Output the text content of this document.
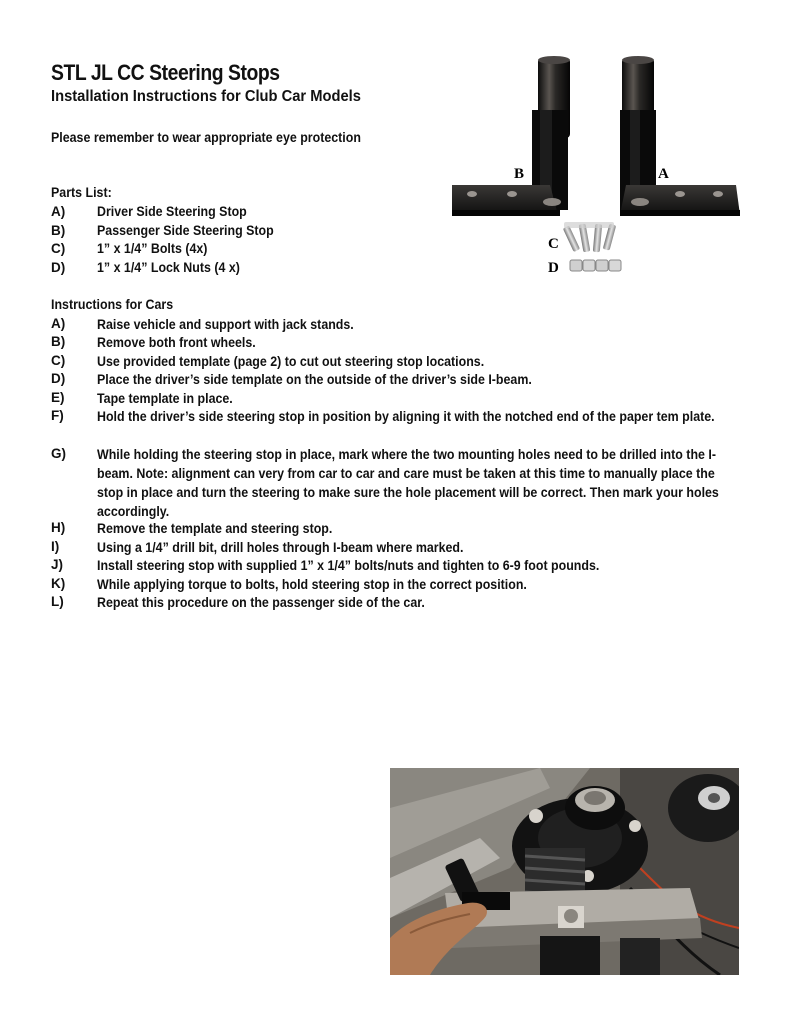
STL JL CC Steering Stops
Installation Instructions for Club Car Models
Please remember to wear appropriate eye protection
Parts List:
A) Driver Side Steering Stop
B) Passenger Side Steering Stop
C) 1” x 1/4” Bolts (4x)
D) 1” x 1/4” Lock Nuts (4 x)
Instructions for Cars
A) Raise vehicle and support with jack stands.
B) Remove both front wheels.
C) Use provided template (page 2) to cut out steering stop locations.
D) Place the driver’s side template on the outside of the driver’s side I-beam.
E) Tape template in place.
F) Hold the driver’s side steering stop in position by aligning it with the notched end of the paper tem plate.
G) While holding the steering stop in place, mark where the two mounting holes need to be drilled into the I-beam. Note: alignment can very from car to car and care must be taken at this time to manually place the stop in place and turn the steering to make sure the hole placement will be correct. Then mark your holes accordingly.
H) Remove the template and steering stop.
I)	Using a 1/4” drill bit, drill holes through I-beam where marked.
J)	Install steering stop with supplied 1” x 1/4” bolts/nuts and tighten to 6-9 foot pounds.
K) While applying torque to bolts, hold steering stop in the correct position.
L) Repeat this procedure on the passenger side of the car.
B	A
C
D
